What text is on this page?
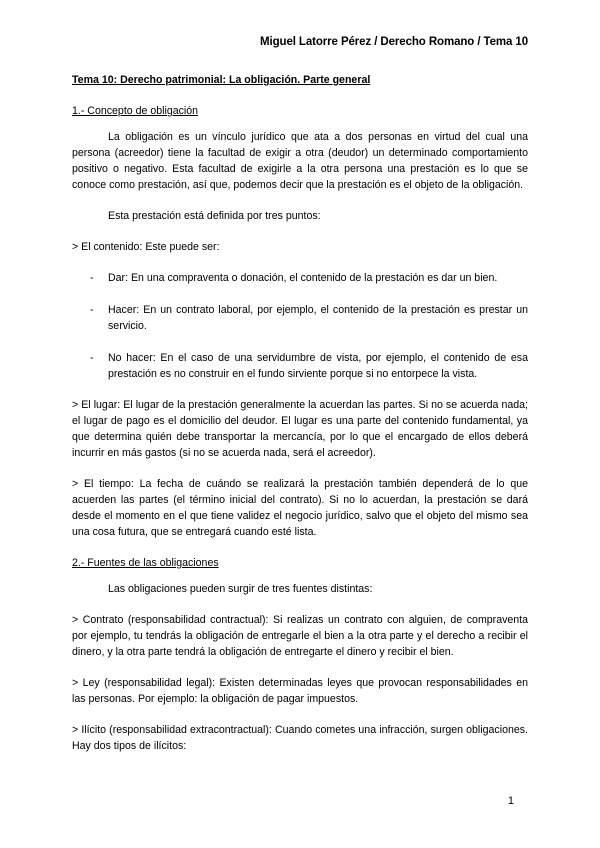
Miguel Latorre Pérez / Derecho Romano / Tema 10
Tema 10: Derecho patrimonial: La obligación. Parte general
1.- Concepto de obligación

La obligación es un vínculo jurídico que ata a dos personas en virtud del cual una persona (acreedor) tiene la facultad de exigir a otra (deudor) un determinado comportamiento positivo o negativo. Esta facultad de exigirle a la otra persona una prestación es lo que se conoce como prestación, así que, podemos decir que la prestación es el objeto de la obligación.

Esta prestación está definida por tres puntos:

> El contenido: Este puede ser:

- Dar: En una compraventa o donación, el contenido de la prestación es dar un bien.
- Hacer: En un contrato laboral, por ejemplo, el contenido de la prestación es prestar un servicio.
- No hacer: En el caso de una servidumbre de vista, por ejemplo, el contenido de esa prestación es no construir en el fundo sirviente porque si no entorpece la vista.

> El lugar: El lugar de la prestación generalmente la acuerdan las partes. Si no se acuerda nada; el lugar de pago es el domicilio del deudor. El lugar es una parte del contenido fundamental, ya que determina quién debe transportar la mercancía, por lo que el encargado de ellos deberá incurrir en más gastos (si no se acuerda nada, será el acreedor).

> El tiempo: La fecha de cuándo se realizará la prestación también dependerá de lo que acuerden las partes (el término inicial del contrato). Si no lo acuerdan, la prestación se dará desde el momento en el que tiene validez el negocio jurídico, salvo que el objeto del mismo sea una cosa futura, que se entregará cuando esté lista.

2.- Fuentes de las obligaciones

Las obligaciones pueden surgir de tres fuentes distintas:

> Contrato (responsabilidad contractual): Si realizas un contrato con alguien, de compraventa por ejemplo, tu tendrás la obligación de entregarle el bien a la otra parte y el derecho a recibir el dinero, y la otra parte tendrá la obligación de entregarte el dinero y recibir el bien.

> Ley (responsabilidad legal): Existen determinadas leyes que provocan responsabilidades en las personas. Por ejemplo: la obligación de pagar impuestos.

> Ilícito (responsabilidad extracontractual): Cuando cometes una infracción, surgen obligaciones. Hay dos tipos de ilícitos:

1
